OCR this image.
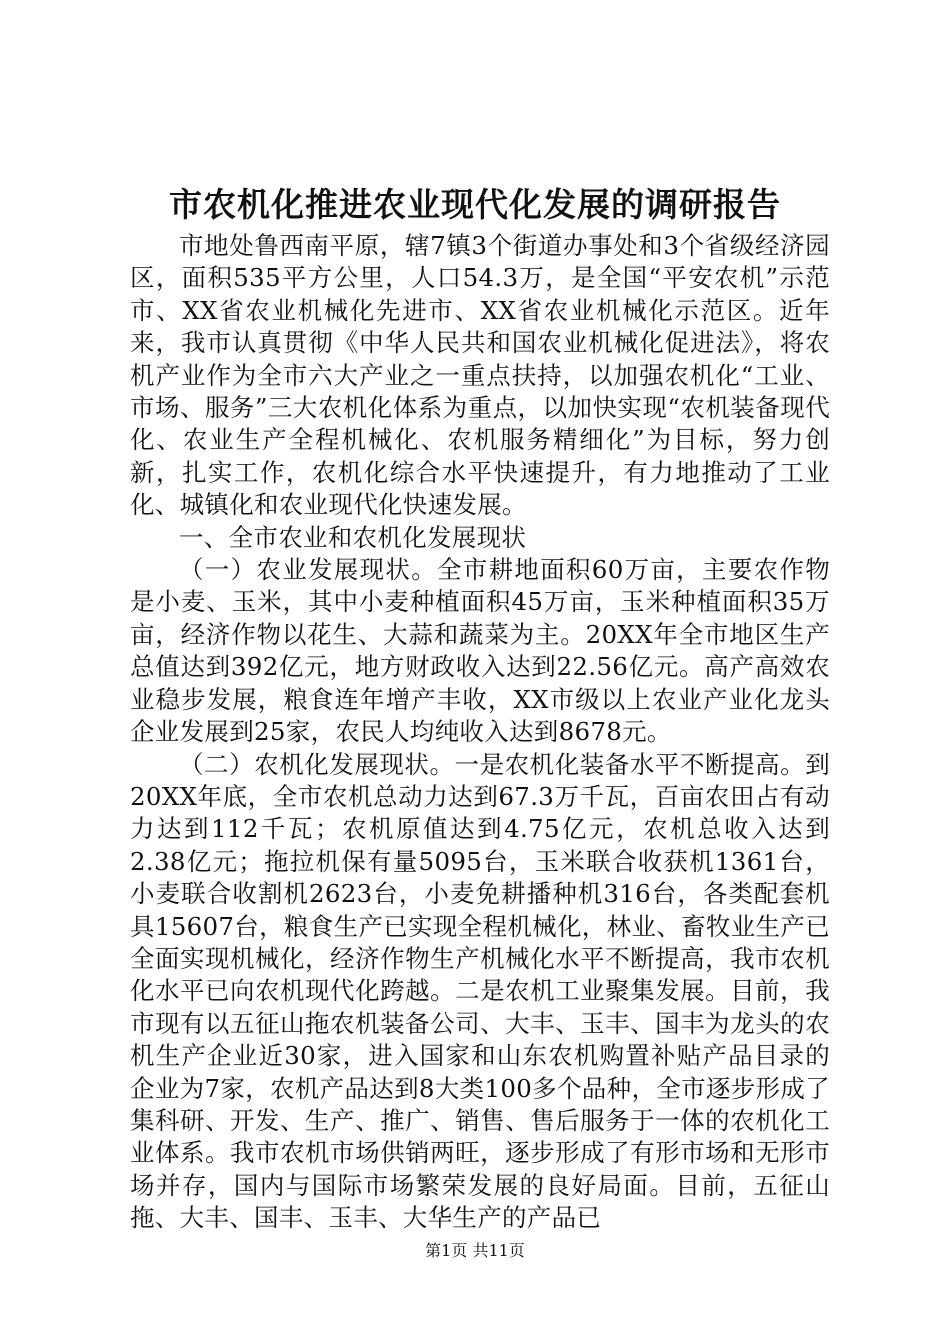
市农机化推进农业现代化发展的调研报告

市地处鲁西南平原，辖7镇3个街道办事处和3个省级经济园区，面积535平方公里，人口54.3万，是全国“平安农机”示范市、XX省农业机械化先进市、XX省农业机械化示范区。近年来，我市认真贯彻《中华人民共和国农业机械化促进法》，将农机产业作为全市六大产业之一重点扶持，以加强农机化“工业、市场、服务”三大农机化体系为重点，以加快实现“农机装备现代化、农业生产全程机械化、农机服务精细化”为目标，努力创新，扎实工作，农机化综合水平快速提升，有力地推动了工业化、城镇化和农业现代化快速发展。

一、全市农业和农机化发展现状

（一）农业发展现状。全市耕地面积60万亩，主要农作物是小麦、玉米，其中小麦种植面积45万亩，玉米种植面积35万亩，经济作物以花生、大蒜和蔬菜为主。20XX年全市地区生产总值达到392亿元，地方财政收入达到22.56亿元。高产高效农业稳步发展，粮食连年增产丰收，XX市级以上农业产业化龙头企业发展到25家，农民人均纯收入达到8678元。

（二）农机化发展现状。一是农机化装备水平不断提高。到20XX年底，全市农机总动力达到67.3万千瓦，百亩农田占有动力达到112千瓦；农机原值达到4.75亿元，农机总收入达到2.38亿元；拖拉机保有量5095台，玉米联合收获机1361台，小麦联合收割机2623台，小麦免耕播种机316台，各类配套机具15607台，粮食生产已实现全程机械化，林业、畜牧业生产已全面实现机械化，经济作物生产机械化水平不断提高，我市农机化水平已向农机现代化跨越。二是农机工业聚集发展。目前，我市现有以五征山拖农机装备公司、大丰、玉丰、国丰为龙头的农机生产企业近30家，进入国家和山东农机购置补贴产品目录的企业为7家，农机产品达到8大类100多个品种，全市逐步形成了集科研、开发、生产、推广、销售、售后服务于一体的农机化工业体系。我市农机市场供销两旺，逐步形成了有形市场和无形市场并存，国内与国际市场繁荣发展的良好局面。目前，五征山拖、大丰、国丰、玉丰、大华生产的产品已

第1页 共11页
